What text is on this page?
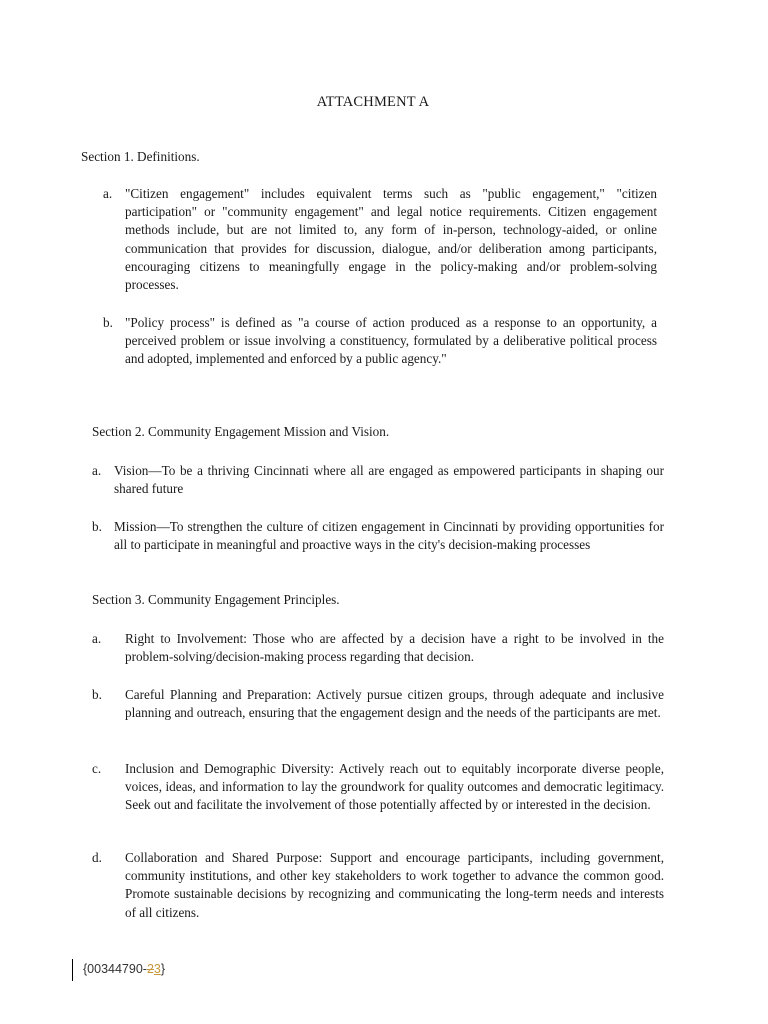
ATTACHMENT A
Section 1. Definitions.
a. "Citizen engagement" includes equivalent terms such as "public engagement," "citizen participation" or "community engagement" and legal notice requirements. Citizen engagement methods include, but are not limited to, any form of in-person, technology-aided, or online communication that provides for discussion, dialogue, and/or deliberation among participants, encouraging citizens to meaningfully engage in the policy-making and/or problem-solving processes.
b. "Policy process" is defined as "a course of action produced as a response to an opportunity, a perceived problem or issue involving a constituency, formulated by a deliberative political process and adopted, implemented and enforced by a public agency."
Section 2. Community Engagement Mission and Vision.
a. Vision—To be a thriving Cincinnati where all are engaged as empowered participants in shaping our shared future
b. Mission—To strengthen the culture of citizen engagement in Cincinnati by providing opportunities for all to participate in meaningful and proactive ways in the city's decision-making processes
Section 3. Community Engagement Principles.
a. Right to Involvement: Those who are affected by a decision have a right to be involved in the problem-solving/decision-making process regarding that decision.
b. Careful Planning and Preparation: Actively pursue citizen groups, through adequate and inclusive planning and outreach, ensuring that the engagement design and the needs of the participants are met.
c. Inclusion and Demographic Diversity: Actively reach out to equitably incorporate diverse people, voices, ideas, and information to lay the groundwork for quality outcomes and democratic legitimacy. Seek out and facilitate the involvement of those potentially affected by or interested in the decision.
d. Collaboration and Shared Purpose: Support and encourage participants, including government, community institutions, and other key stakeholders to work together to advance the common good. Promote sustainable decisions by recognizing and communicating the long-term needs and interests of all citizens.
{00344790-23}
